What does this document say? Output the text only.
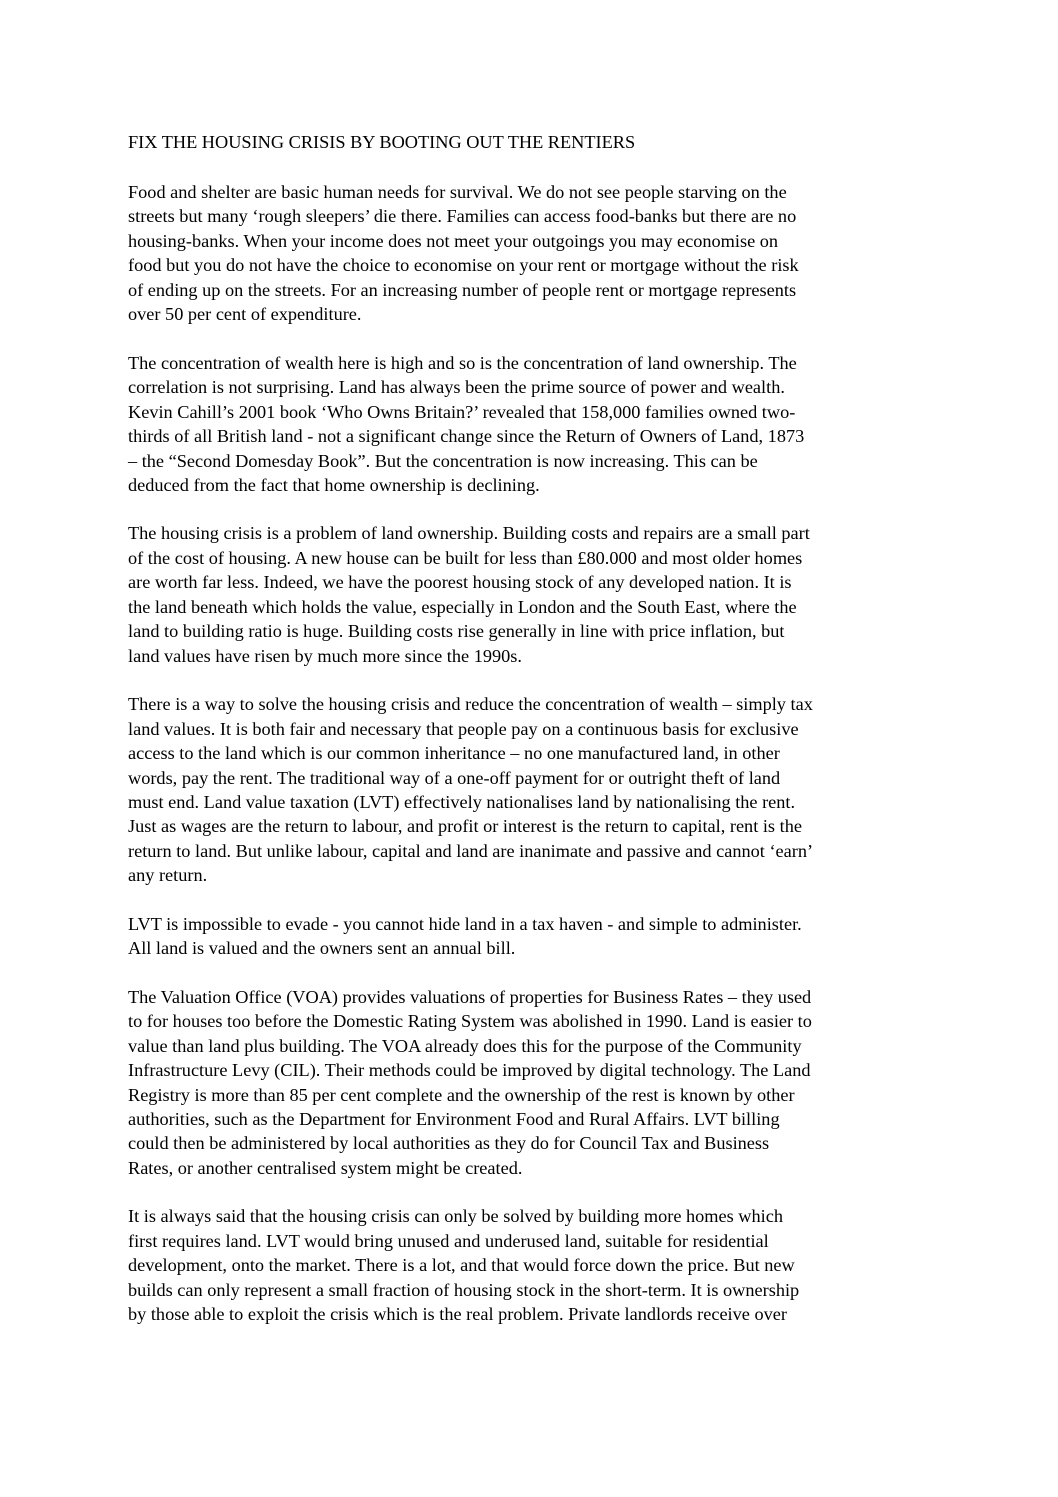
FIX THE HOUSING CRISIS BY BOOTING OUT THE RENTIERS
Food and shelter are basic human needs for survival. We do not see people starving on the
streets but many ‘rough sleepers’ die there. Families can access food-banks but there are no
housing-banks. When your income does not meet your outgoings you may economise on
food but you do not have the choice to economise on your rent or mortgage without the risk
of ending up on the streets. For an increasing number of people rent or mortgage represents
over 50 per cent of expenditure.
The concentration of wealth here is high and so is the concentration of land ownership. The
correlation is not surprising. Land has always been the prime source of power and wealth.
Kevin Cahill’s 2001 book ‘Who Owns Britain?’ revealed that 158,000 families owned two-
thirds of all British land - not a significant change since the Return of Owners of Land, 1873
– the “Second Domesday Book”. But the concentration is now increasing. This can be
deduced from the fact that home ownership is declining.
The housing crisis is a problem of land ownership. Building costs and repairs are a small part
of the cost of housing. A new house can be built for less than £80.000 and most older homes
are worth far less. Indeed, we have the poorest housing stock of any developed nation. It is
the land beneath which holds the value, especially in London and the South East, where the
land to building ratio is huge. Building costs rise generally in line with price inflation, but
land values have risen by much more since the 1990s.
There is a way to solve the housing crisis and reduce the concentration of wealth – simply tax
land values. It is both fair and necessary that people pay on a continuous basis for exclusive
access to the land which is our common inheritance – no one manufactured land, in other
words, pay the rent. The traditional way of a one-off payment for or outright theft of land
must end. Land value taxation (LVT) effectively nationalises land by nationalising the rent.
Just as wages are the return to labour, and profit or interest is the return to capital, rent is the
return to land. But unlike labour, capital and land are inanimate and passive and cannot ‘earn’
any return.
LVT is impossible to evade - you cannot hide land in a tax haven - and simple to administer.
All land is valued and the owners sent an annual bill.
The Valuation Office (VOA) provides valuations of properties for Business Rates – they used
to for houses too before the Domestic Rating System was abolished in 1990. Land is easier to
value than land plus building. The VOA already does this for the purpose of the Community
Infrastructure Levy (CIL). Their methods could be improved by digital technology. The Land
Registry is more than 85 per cent complete and the ownership of the rest is known by other
authorities, such as the Department for Environment Food and Rural Affairs. LVT billing
could then be administered by local authorities as they do for Council Tax and Business
Rates, or another centralised system might be created.
It is always said that the housing crisis can only be solved by building more homes which
first requires land. LVT would bring unused and underused land, suitable for residential
development, onto the market. There is a lot, and that would force down the price. But new
builds can only represent a small fraction of housing stock in the short-term. It is ownership
by those able to exploit the crisis which is the real problem. Private landlords receive over
